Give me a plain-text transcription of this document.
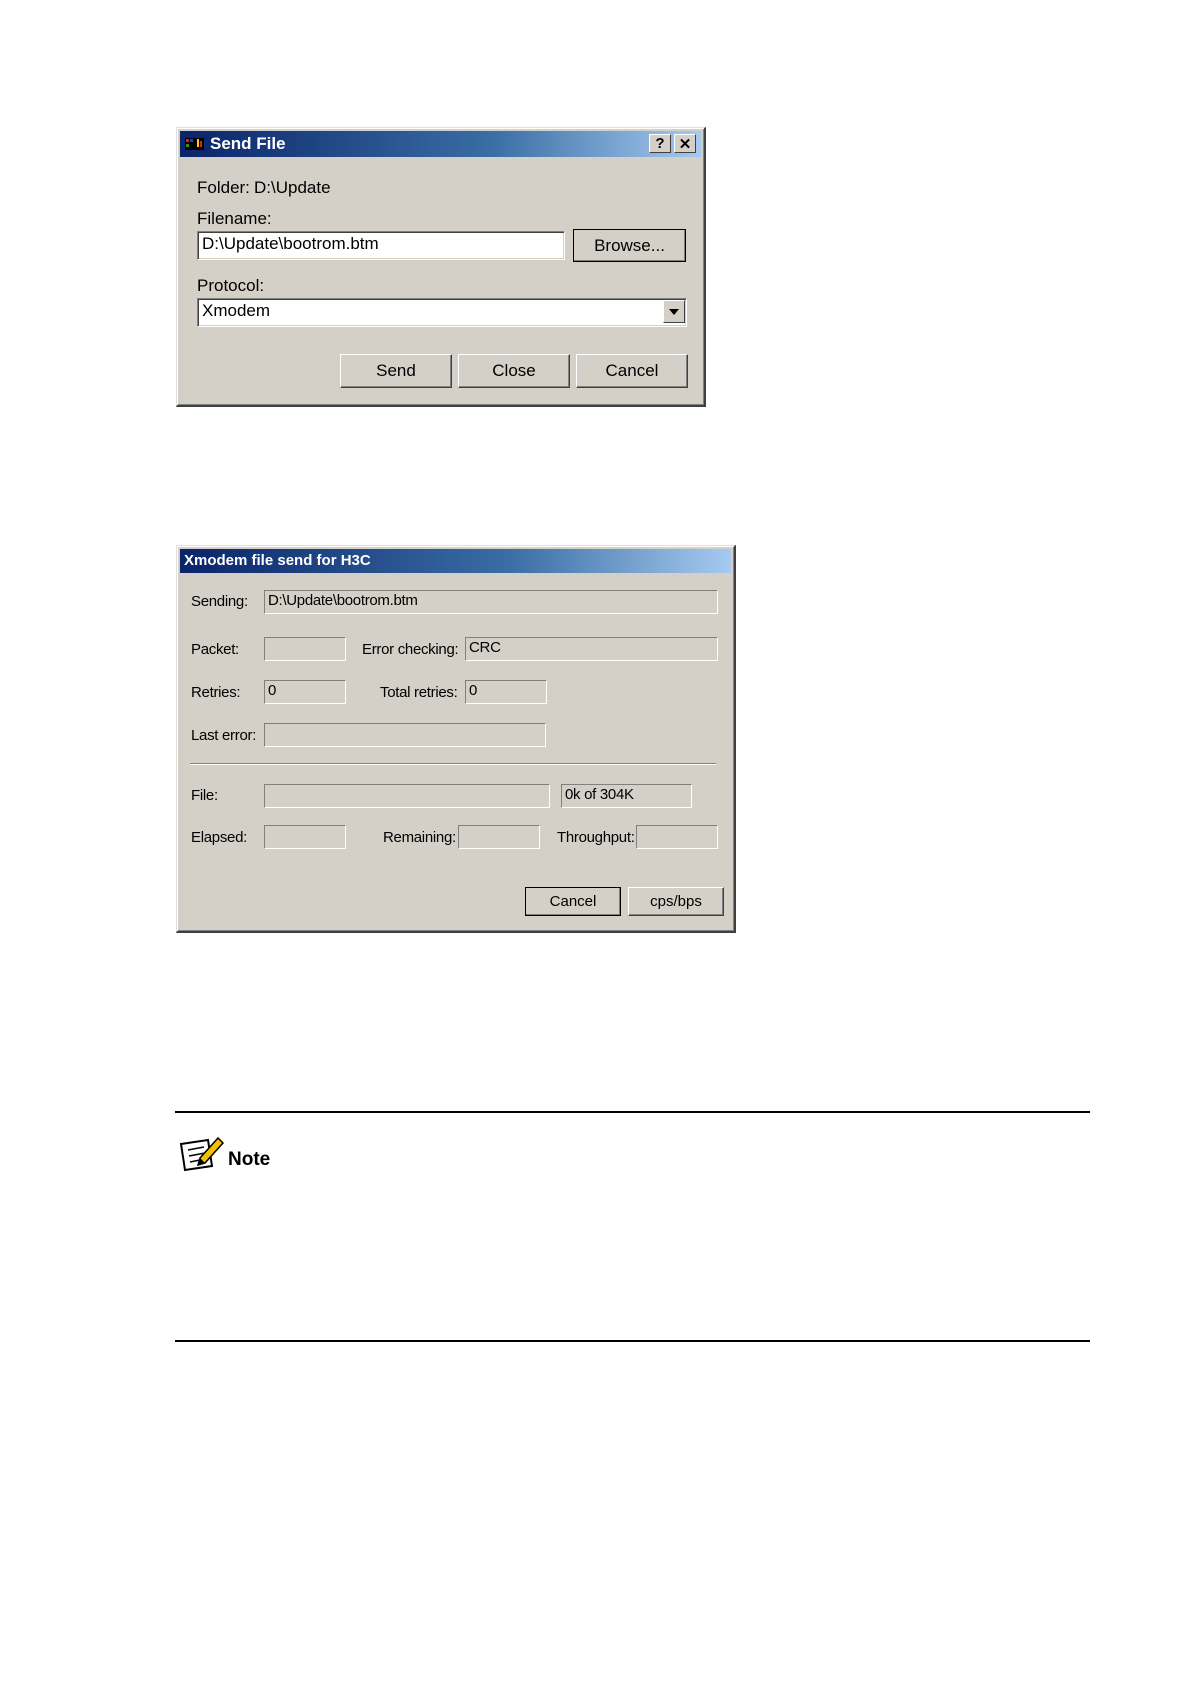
Send File	? ✕
Folder: D:\Update
Filename:
D:\Update\bootrom.btm	Browse...
Protocol:
Xmodem
Send	Close	Cancel
Xmodem file send for H3C
Sending: D:\Update\bootrom.btm
Packet:	Error checking: CRC
Retries: 0	Total retries: 0
Last error:
File:	0k of 304K
Elapsed:	Remaining:	Throughput:
Cancel	cps/bps
Note
